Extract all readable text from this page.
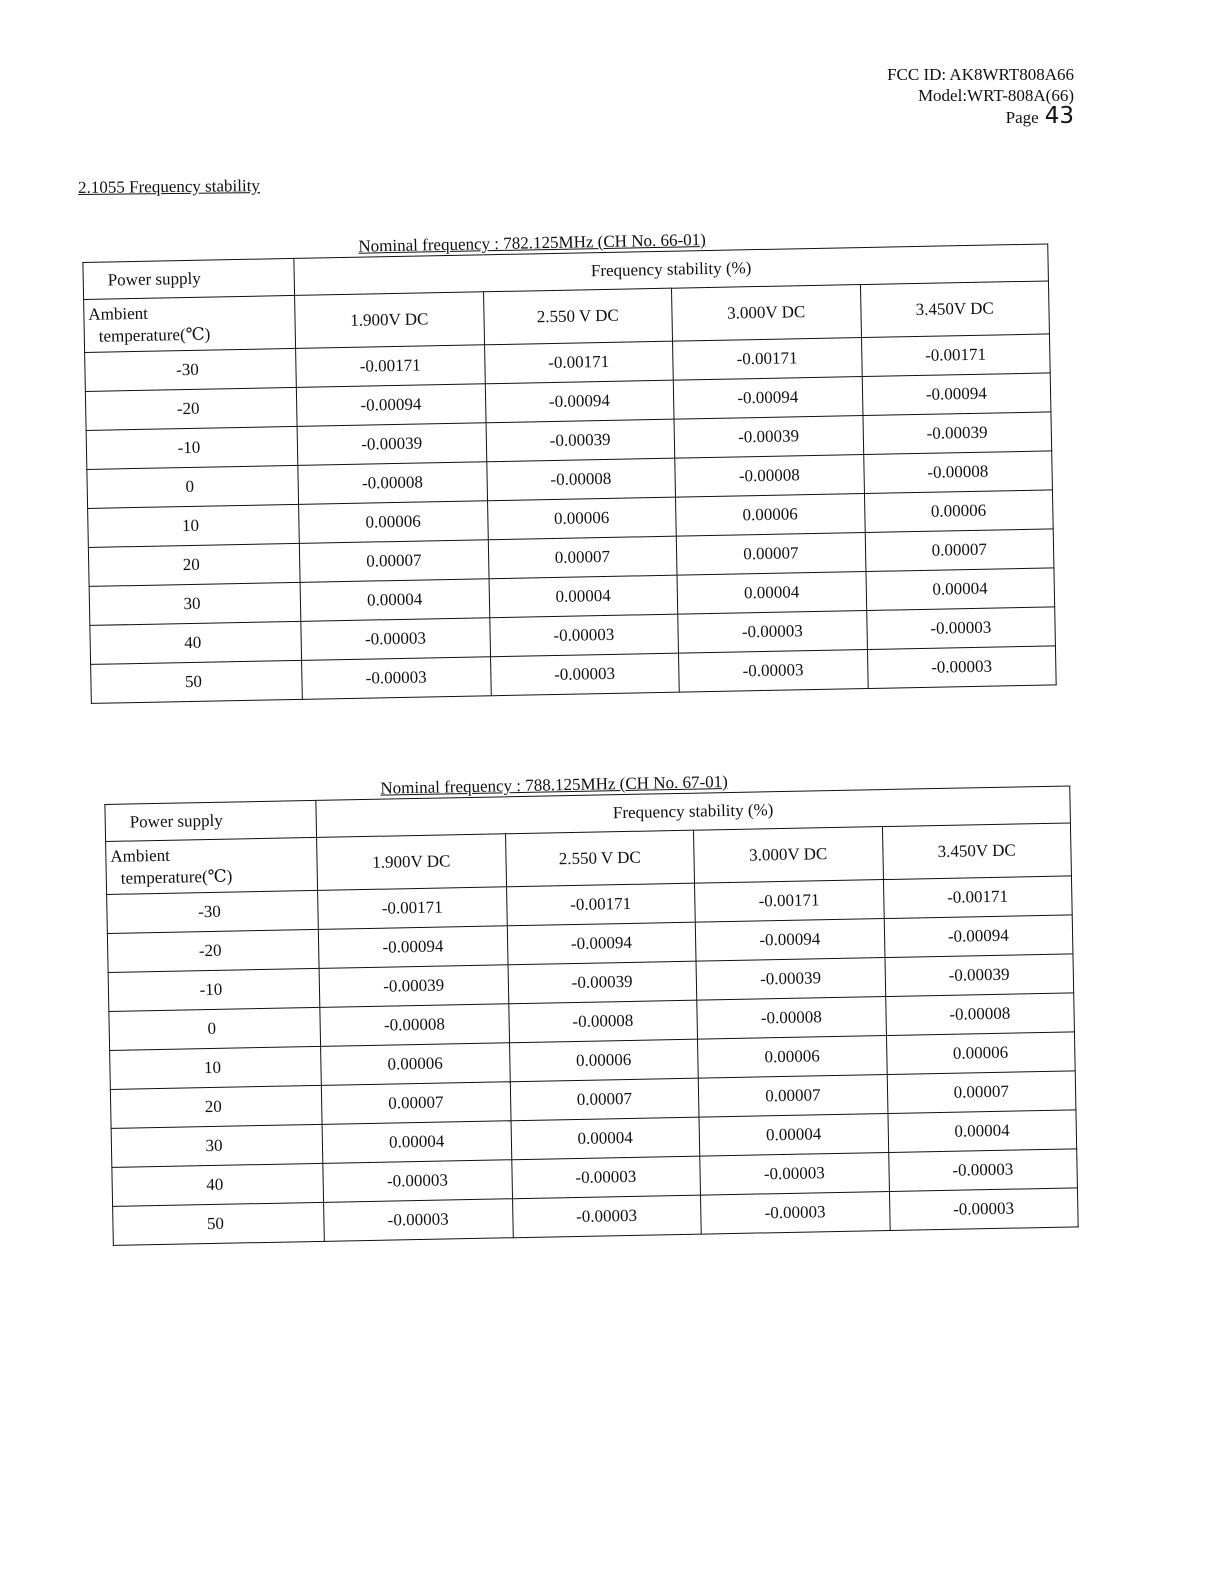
FCC ID: AK8WRT808A66
Model:WRT-808A(66)
Page 43
2.1055 Frequency stability
Nominal frequency : 782.125MHz (CH No. 66-01)
Power supply	Frequency stability (%)			

Ambient
temperature(℃)	1.900V DC	2.550 V DC	3.000V DC	3.450V DC
-30	-0.00171	-0.00171	-0.00171	-0.00171
-20	-0.00094	-0.00094	-0.00094	-0.00094
-10	-0.00039	-0.00039	-0.00039	-0.00039
0	-0.00008	-0.00008	-0.00008	-0.00008
10	0.00006	0.00006	0.00006	0.00006
20	0.00007	0.00007	0.00007	0.00007
30	0.00004	0.00004	0.00004	0.00004
40	-0.00003	-0.00003	-0.00003	-0.00003
50	-0.00003	-0.00003	-0.00003	-0.00003
Nominal frequency : 788.125MHz (CH No. 67-01)
Power supply	Frequency stability (%)			

Ambient
temperature(℃)	1.900V DC	2.550 V DC	3.000V DC	3.450V DC
-30	-0.00171	-0.00171	-0.00171	-0.00171
-20	-0.00094	-0.00094	-0.00094	-0.00094
-10	-0.00039	-0.00039	-0.00039	-0.00039
0	-0.00008	-0.00008	-0.00008	-0.00008
10	0.00006	0.00006	0.00006	0.00006
20	0.00007	0.00007	0.00007	0.00007
30	0.00004	0.00004	0.00004	0.00004
40	-0.00003	-0.00003	-0.00003	-0.00003
50	-0.00003	-0.00003	-0.00003	-0.00003
